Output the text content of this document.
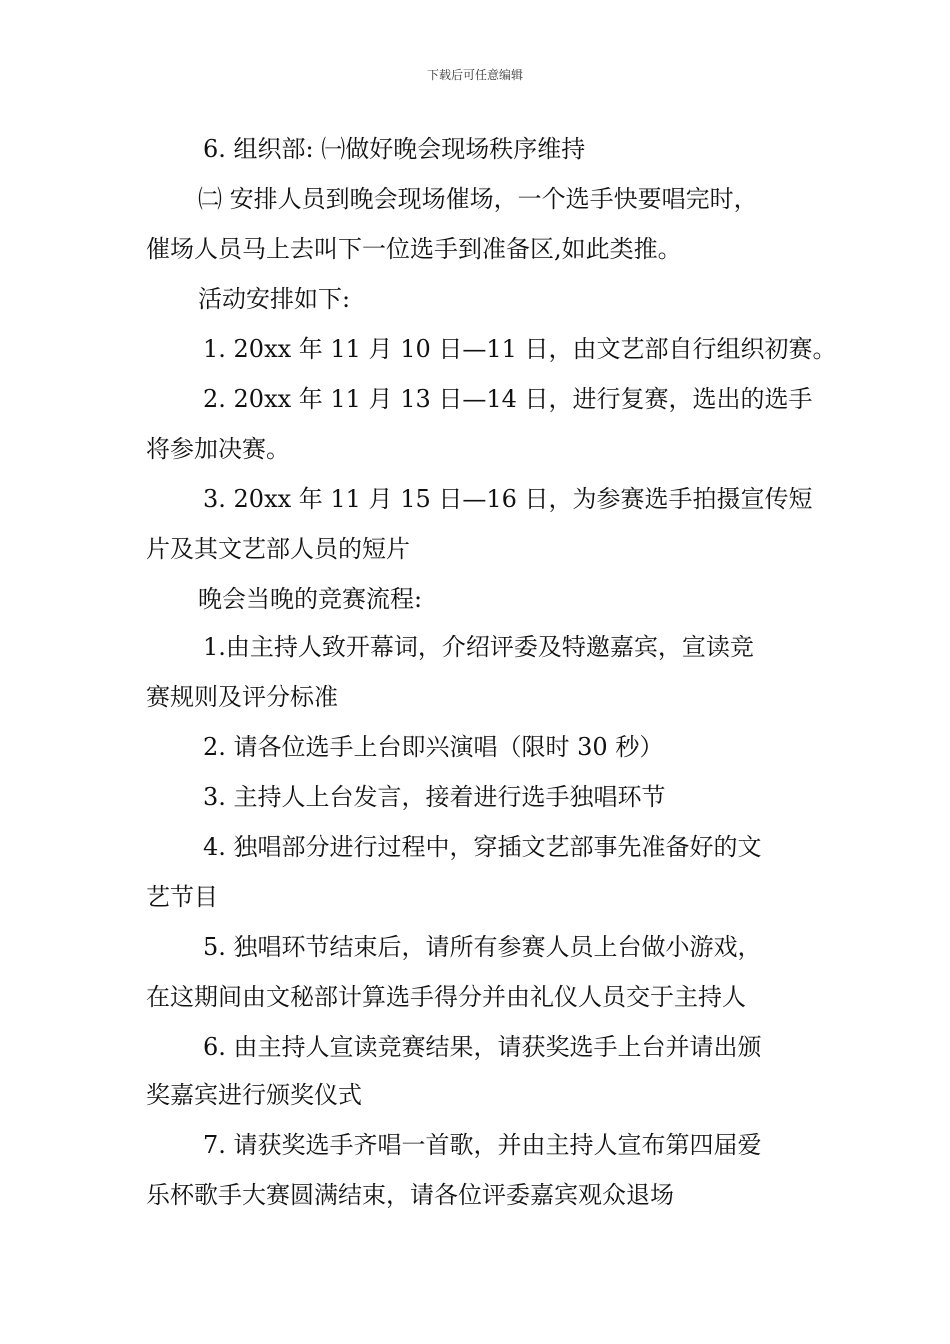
下载后可任意编辑
6. 组织部: ㈠做好晚会现场秩序维持
㈡ 安排人员到晚会现场催场，一个选手快要唱完时，
催场人员马上去叫下一位选手到准备区,如此类推。
活动安排如下:
1. 20xx 年 11 月 10 日—11 日，由文艺部自行组织初赛。
2. 20xx 年 11 月 13 日—14 日，进行复赛，选出的选手
将参加决赛。
3. 20xx 年 11 月 15 日—16 日，为参赛选手拍摄宣传短
片及其文艺部人员的短片
晚会当晚的竞赛流程:
1.由主持人致开幕词，介绍评委及特邀嘉宾，宣读竞
赛规则及评分标准
2. 请各位选手上台即兴演唱（限时 30 秒）
3. 主持人上台发言，接着进行选手独唱环节
4. 独唱部分进行过程中，穿插文艺部事先准备好的文
艺节目
5. 独唱环节结束后，请所有参赛人员上台做小游戏，
在这期间由文秘部计算选手得分并由礼仪人员交于主持人
6. 由主持人宣读竞赛结果，请获奖选手上台并请出颁
奖嘉宾进行颁奖仪式
7. 请获奖选手齐唱一首歌，并由主持人宣布第四届爱
乐杯歌手大赛圆满结束，请各位评委嘉宾观众退场
